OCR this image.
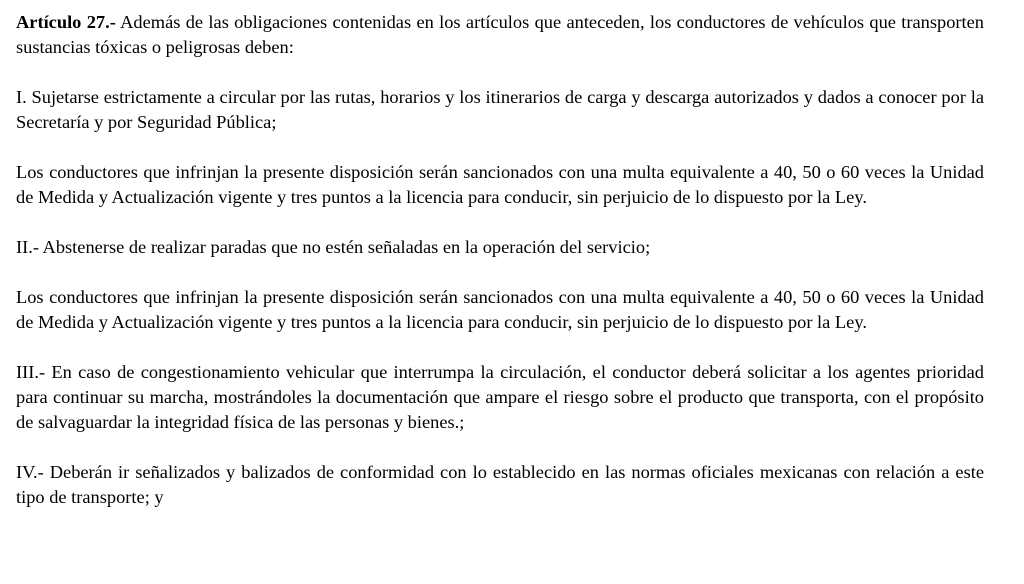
Artículo 27.- Además de las obligaciones contenidas en los artículos que anteceden, los conductores de vehículos que transporten sustancias tóxicas o peligrosas deben:

I. Sujetarse estrictamente a circular por las rutas, horarios y los itinerarios de carga y descarga autorizados y dados a conocer por la Secretaría y por Seguridad Pública;

Los conductores que infrinjan la presente disposición serán sancionados con una multa equivalente a 40, 50 o 60 veces la Unidad de Medida y Actualización vigente y tres puntos a la licencia para conducir, sin perjuicio de lo dispuesto por la Ley.

II.- Abstenerse de realizar paradas que no estén señaladas en la operación del servicio;

Los conductores que infrinjan la presente disposición serán sancionados con una multa equivalente a 40, 50 o 60 veces la Unidad de Medida y Actualización vigente y tres puntos a la licencia para conducir, sin perjuicio de lo dispuesto por la Ley.

III.- En caso de congestionamiento vehicular que interrumpa la circulación, el conductor deberá solicitar a los agentes prioridad para continuar su marcha, mostrándoles la documentación que ampare el riesgo sobre el producto que transporta, con el propósito de salvaguardar la integridad física de las personas y bienes.;

IV.- Deberán ir señalizados y balizados de conformidad con lo establecido en las normas oficiales mexicanas con relación a este tipo de transporte; y
